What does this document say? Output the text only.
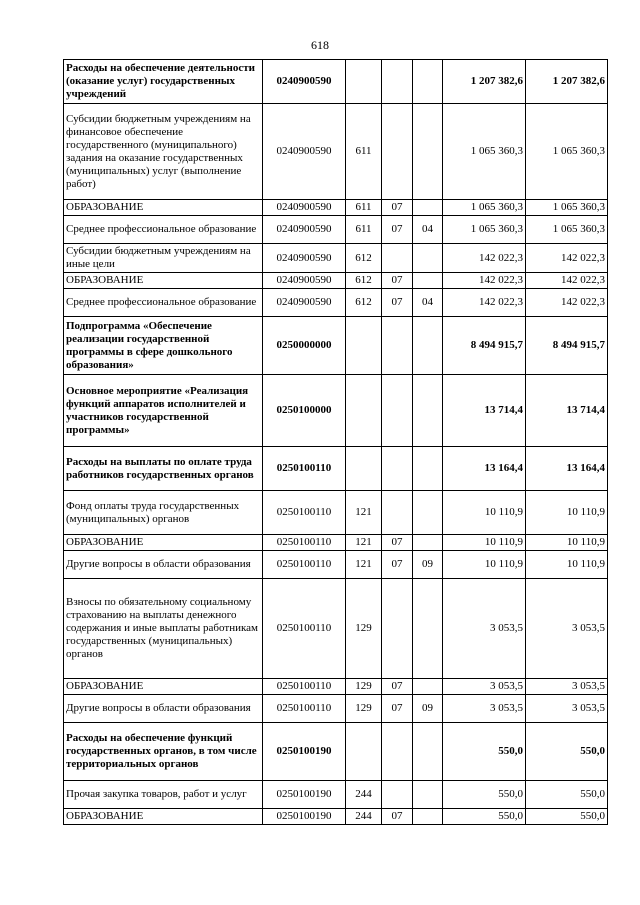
618
Расходы на обеспечение деятельности (оказание услуг) государственных учреждений	0240900590				1 207 382,6	1 207 382,6
Субсидии бюджетным учреждениям на финансовое обеспечение государственного (муниципального) задания на оказание государственных (муниципальных) услуг (выполнение работ)	0240900590	611			1 065 360,3	1 065 360,3
ОБРАЗОВАНИЕ	0240900590	611	07		1 065 360,3	1 065 360,3
Среднее профессиональное образование	0240900590	611	07	04	1 065 360,3	1 065 360,3
Субсидии бюджетным учреждениям на иные цели	0240900590	612			142 022,3	142 022,3
ОБРАЗОВАНИЕ	0240900590	612	07		142 022,3	142 022,3
Среднее профессиональное образование	0240900590	612	07	04	142 022,3	142 022,3
Подпрограмма «Обеспечение реализации государственной программы в сфере дошкольного образования»	0250000000				8 494 915,7	8 494 915,7
Основное мероприятие «Реализация функций аппаратов исполнителей и участников государственной программы»	0250100000				13 714,4	13 714,4
Расходы на выплаты по оплате труда работников государственных органов	0250100110				13 164,4	13 164,4
Фонд оплаты труда государственных (муниципальных) органов	0250100110	121			10 110,9	10 110,9
ОБРАЗОВАНИЕ	0250100110	121	07		10 110,9	10 110,9
Другие вопросы в области образования	0250100110	121	07	09	10 110,9	10 110,9
Взносы по обязательному социальному страхованию на выплаты денежного содержания и иные выплаты работникам государственных (муниципальных) органов	0250100110	129			3 053,5	3 053,5
ОБРАЗОВАНИЕ	0250100110	129	07		3 053,5	3 053,5
Другие вопросы в области образования	0250100110	129	07	09	3 053,5	3 053,5
Расходы на обеспечение функций государственных органов, в том числе территориальных органов	0250100190				550,0	550,0
Прочая закупка товаров, работ и услуг	0250100190	244			550,0	550,0
ОБРАЗОВАНИЕ	0250100190	244	07		550,0	550,0
